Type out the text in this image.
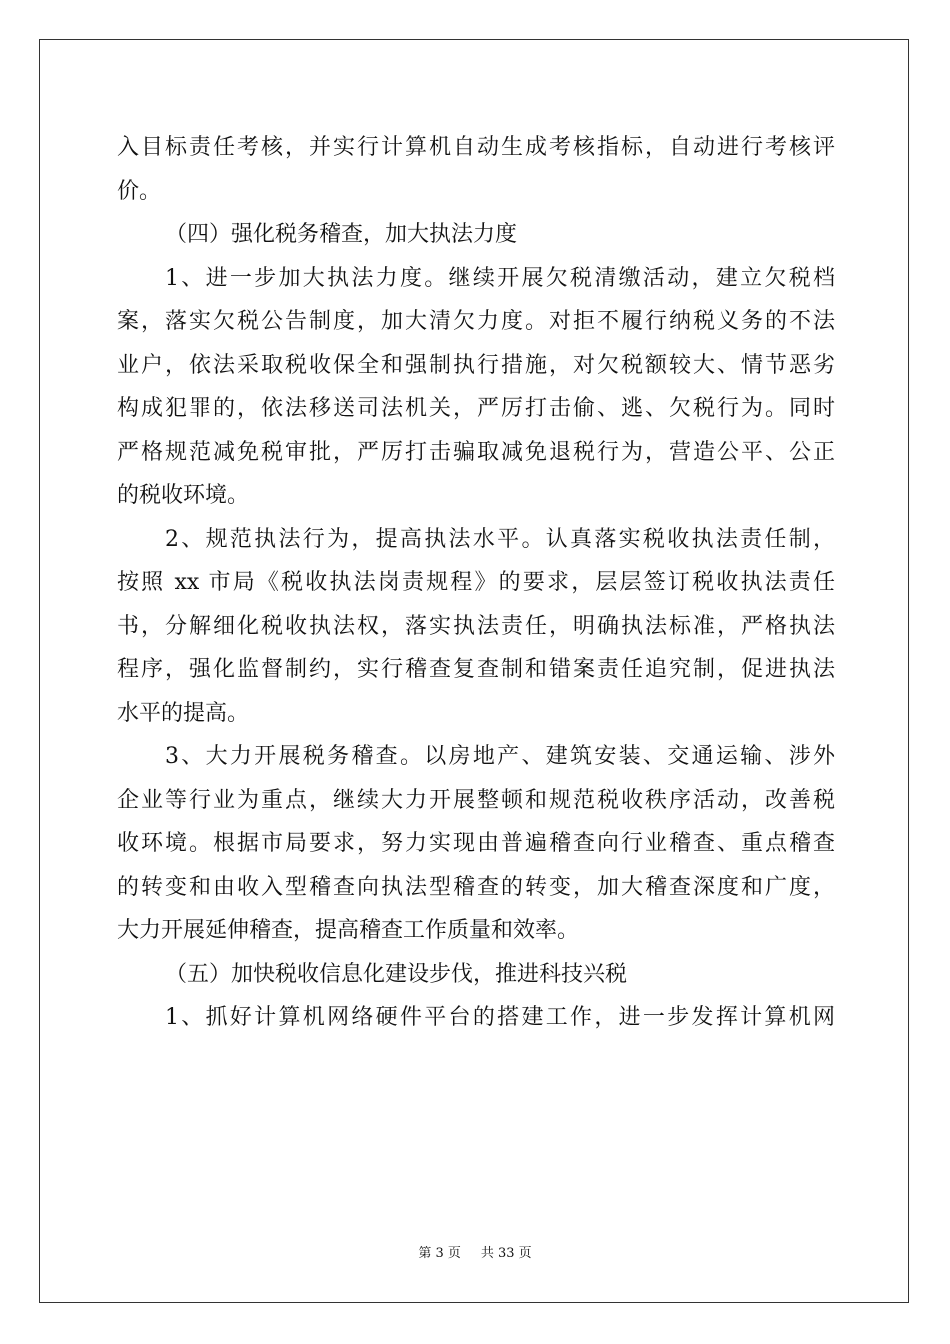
入目标责任考核，并实行计算机自动生成考核指标，自动进行考核评
价。
（四）强化税务稽查，加大执法力度
1、进一步加大执法力度。继续开展欠税清缴活动，建立欠税档
案，落实欠税公告制度，加大清欠力度。对拒不履行纳税义务的不法
业户，依法采取税收保全和强制执行措施，对欠税额较大、情节恶劣
构成犯罪的，依法移送司法机关，严厉打击偷、逃、欠税行为。同时
严格规范减免税审批，严厉打击骗取减免退税行为，营造公平、公正
的税收环境。
2、规范执法行为，提高执法水平。认真落实税收执法责任制，
按照 xx 市局《税收执法岗责规程》的要求，层层签订税收执法责任
书，分解细化税收执法权，落实执法责任，明确执法标准，严格执法
程序，强化监督制约，实行稽查复查制和错案责任追究制，促进执法
水平的提高。
3、大力开展税务稽查。以房地产、建筑安装、交通运输、涉外
企业等行业为重点，继续大力开展整顿和规范税收秩序活动，改善税
收环境。根据市局要求，努力实现由普遍稽查向行业稽查、重点稽查
的转变和由收入型稽查向执法型稽查的转变，加大稽查深度和广度，
大力开展延伸稽查，提高稽查工作质量和效率。
（五）加快税收信息化建设步伐，推进科技兴税
1、抓好计算机网络硬件平台的搭建工作，进一步发挥计算机网
第 3 页 共 33 页
